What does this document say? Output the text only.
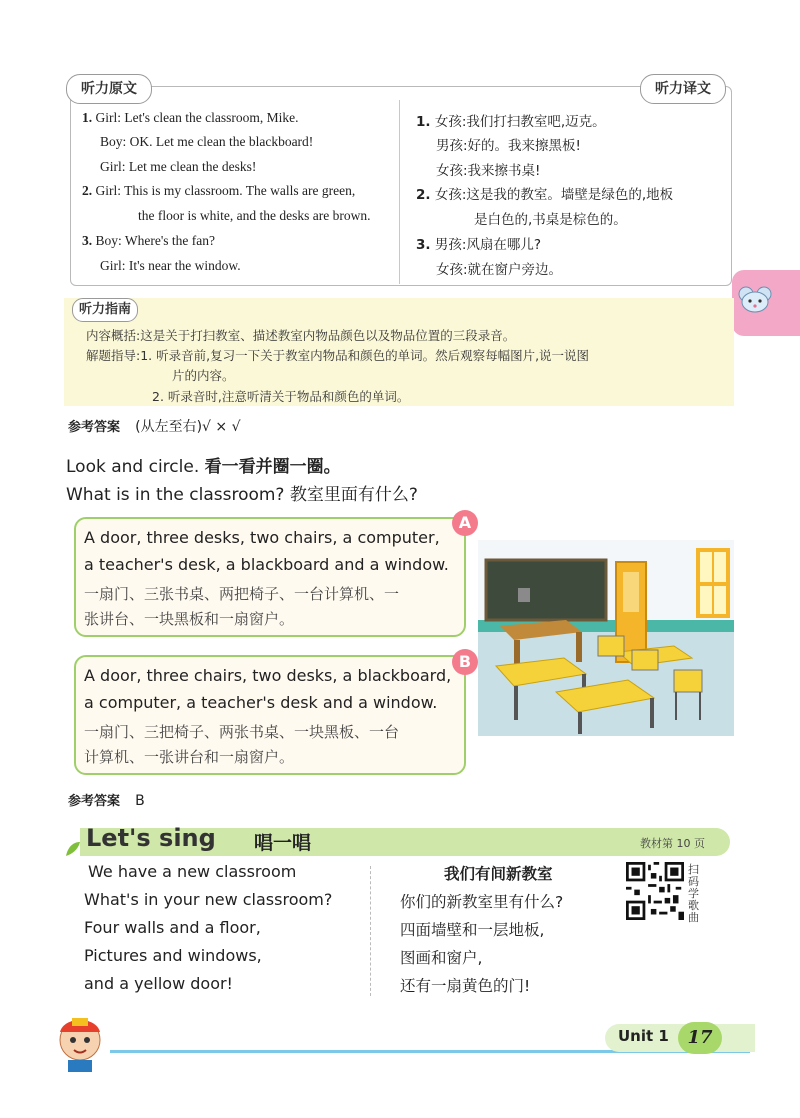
听力原文	听力译文
1. Girl: Let's clean the classroom, Mike.
Boy: OK. Let me clean the blackboard!
Girl: Let me clean the desks!
2. Girl: This is my classroom. The walls are green,
the floor is white, and the desks are brown.
3. Boy: Where's the fan?
Girl: It's near the window.
1. 女孩:我们打扫教室吧,迈克。
男孩:好的。我来擦黑板!
女孩:我来擦书桌!
2. 女孩:这是我的教室。墙壁是绿色的,地板
是白色的,书桌是棕色的。
3. 男孩:风扇在哪儿?
女孩:就在窗户旁边。
听力指南
内容概括:这是关于打扫教室、描述教室内物品颜色以及物品位置的三段录音。
解题指导:1. 听录音前,复习一下关于教室内物品和颜色的单词。然后观察每幅图片,说一说图
片的内容。
2. 听录音时,注意听清关于物品和颜色的单词。
参考答案 (从左至右)√ × √
Look and circle. 看一看并圈一圈。
What is in the classroom? 教室里面有什么?
A
A door, three desks, two chairs, a computer,
a teacher's desk, a blackboard and a window.
一扇门、三张书桌、两把椅子、一台计算机、一
张讲台、一块黑板和一扇窗户。
B
A door, three chairs, two desks, a blackboard,
a computer, a teacher's desk and a window.
一扇门、三把椅子、两张书桌、一块黑板、一台
计算机、一张讲台和一扇窗户。
参考答案 B
Let's sing 唱一唱	教材第 10 页
We have a new classroom
What's in your new classroom?
Four walls and a floor,
Pictures and windows,
and a yellow door!
我们有间新教室
你们的新教室里有什么?
四面墙壁和一层地板,
图画和窗户,
还有一扇黄色的门!
扫码学歌曲
Unit 1	17
